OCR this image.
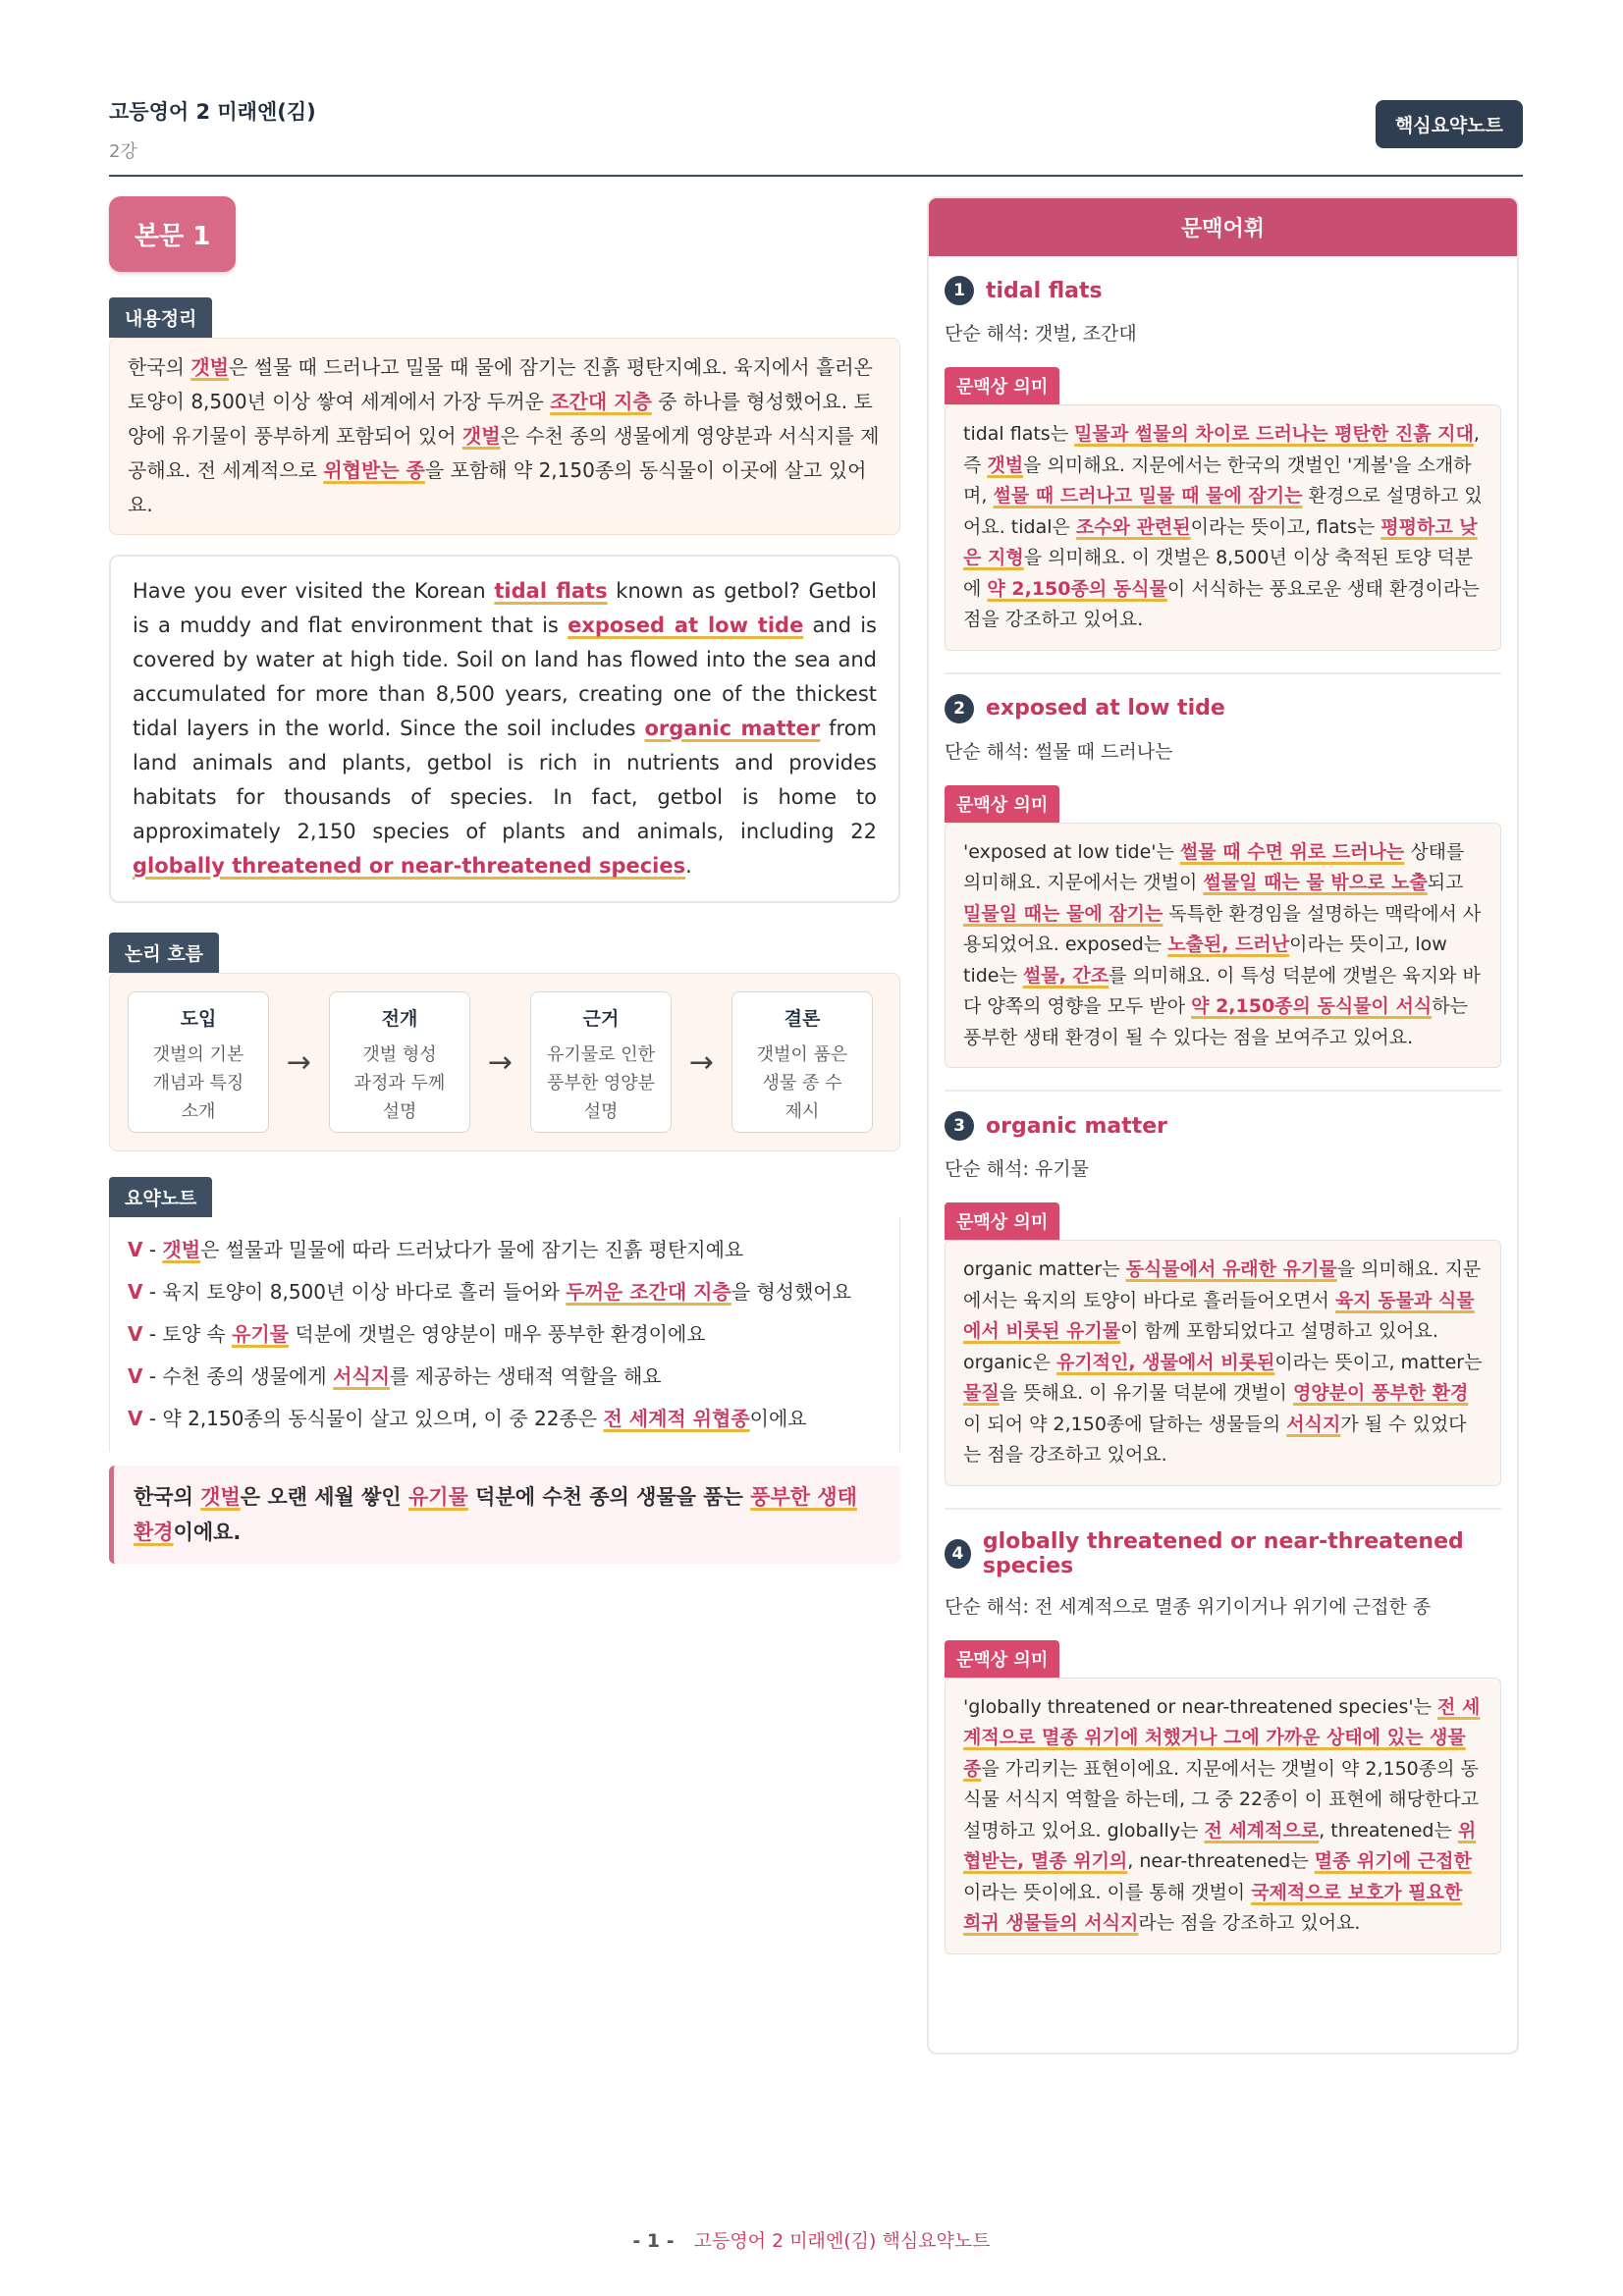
고등영어 2 미래엔(김)
2강
핵심요약노트
본문 1
내용정리
한국의 갯벌은 썰물 때 드러나고 밀물 때 물에 잠기는 진흙 평탄지예요. 육지에서 흘러온 토양이 8,500년 이상 쌓여 세계에서 가장 두꺼운 조간대 지층 중 하나를 형성했어요. 토양에 유기물이 풍부하게 포함되어 있어 갯벌은 수천 종의 생물에게 영양분과 서식지를 제공해요. 전 세계적으로 위협받는 종을 포함해 약 2,150종의 동식물이 이곳에 살고 있어요.
Have you ever visited the Korean tidal flats known as getbol? Getbol is a muddy and flat environment that is exposed at low tide and is covered by water at high tide. Soil on land has flowed into the sea and accumulated for more than 8,500 years, creating one of the thickest tidal layers in the world. Since the soil includes organic matter from land animals and plants, getbol is rich in nutrients and provides habitats for thousands of species. In fact, getbol is home to approximately 2,150 species of plants and animals, including 22 globally threatened or near-threatened species.
논리 흐름
도입
갯벌의 기본
개념과 특징
소개
→
전개
갯벌 형성
과정과 두께
설명
→
근거
유기물로 인한
풍부한 영양분
설명
→
결론
갯벌이 품은
생물 종 수
제시
요약노트
V - 갯벌은 썰물과 밀물에 따라 드러났다가 물에 잠기는 진흙 평탄지예요
V - 육지 토양이 8,500년 이상 바다로 흘러 들어와 두꺼운 조간대 지층을 형성했어요
V - 토양 속 유기물 덕분에 갯벌은 영양분이 매우 풍부한 환경이에요
V - 수천 종의 생물에게 서식지를 제공하는 생태적 역할을 해요
V - 약 2,150종의 동식물이 살고 있으며, 이 중 22종은 전 세계적 위협종이에요
한국의 갯벌은 오랜 세월 쌓인 유기물 덕분에 수천 종의 생물을 품는 풍부한 생태 환경이에요.
문맥어휘
1 tidal flats
단순 해석: 갯벌, 조간대
문맥상 의미
tidal flats는 밀물과 썰물의 차이로 드러나는 평탄한 진흙 지대, 즉 갯벌을 의미해요. 지문에서는 한국의 갯벌인 '게볼'을 소개하며, 썰물 때 드러나고 밀물 때 물에 잠기는 환경으로 설명하고 있어요. tidal은 조수와 관련된이라는 뜻이고, flats는 평평하고 낮은 지형을 의미해요. 이 갯벌은 8,500년 이상 축적된 토양 덕분에 약 2,150종의 동식물이 서식하는 풍요로운 생태 환경이라는 점을 강조하고 있어요.
2 exposed at low tide
단순 해석: 썰물 때 드러나는
문맥상 의미
'exposed at low tide'는 썰물 때 수면 위로 드러나는 상태를 의미해요. 지문에서는 갯벌이 썰물일 때는 물 밖으로 노출되고 밀물일 때는 물에 잠기는 독특한 환경임을 설명하는 맥락에서 사용되었어요. exposed는 노출된, 드러난이라는 뜻이고, low tide는 썰물, 간조를 의미해요. 이 특성 덕분에 갯벌은 육지와 바다 양쪽의 영향을 모두 받아 약 2,150종의 동식물이 서식하는 풍부한 생태 환경이 될 수 있다는 점을 보여주고 있어요.
3 organic matter
단순 해석: 유기물
문맥상 의미
organic matter는 동식물에서 유래한 유기물을 의미해요. 지문에서는 육지의 토양이 바다로 흘러들어오면서 육지 동물과 식물에서 비롯된 유기물이 함께 포함되었다고 설명하고 있어요. organic은 유기적인, 생물에서 비롯된이라는 뜻이고, matter는 물질을 뜻해요. 이 유기물 덕분에 갯벌이 영양분이 풍부한 환경이 되어 약 2,150종에 달하는 생물들의 서식지가 될 수 있었다는 점을 강조하고 있어요.
4 globally threatened or near-threatened species
단순 해석: 전 세계적으로 멸종 위기이거나 위기에 근접한 종
문맥상 의미
'globally threatened or near-threatened species'는 전 세계적으로 멸종 위기에 처했거나 그에 가까운 상태에 있는 생물 종을 가리키는 표현이에요. 지문에서는 갯벌이 약 2,150종의 동식물 서식지 역할을 하는데, 그 중 22종이 이 표현에 해당한다고 설명하고 있어요. globally는 전 세계적으로, threatened는 위협받는, 멸종 위기의, near-threatened는 멸종 위기에 근접한이라는 뜻이에요. 이를 통해 갯벌이 국제적으로 보호가 필요한 희귀 생물들의 서식지라는 점을 강조하고 있어요.
- 1 - 고등영어 2 미래엔(김) 핵심요약노트
